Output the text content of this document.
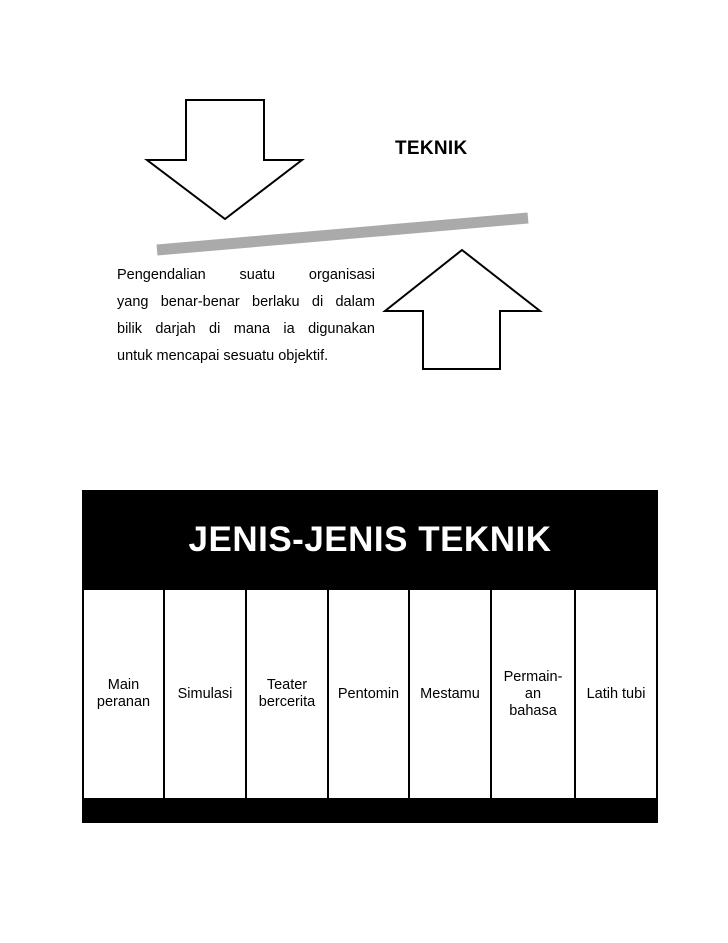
TEKNIK
Pengendalian suatu organisasi
yang benar-benar berlaku di dalam
bilik darjah di mana ia digunakan
untuk mencapai sesuatu objektif.
JENIS-JENIS TEKNIK
Main
peranan
Simulasi
Teater
bercerita
Pentomin Mestamu
Permain-
an
bahasa
Latih tubi
